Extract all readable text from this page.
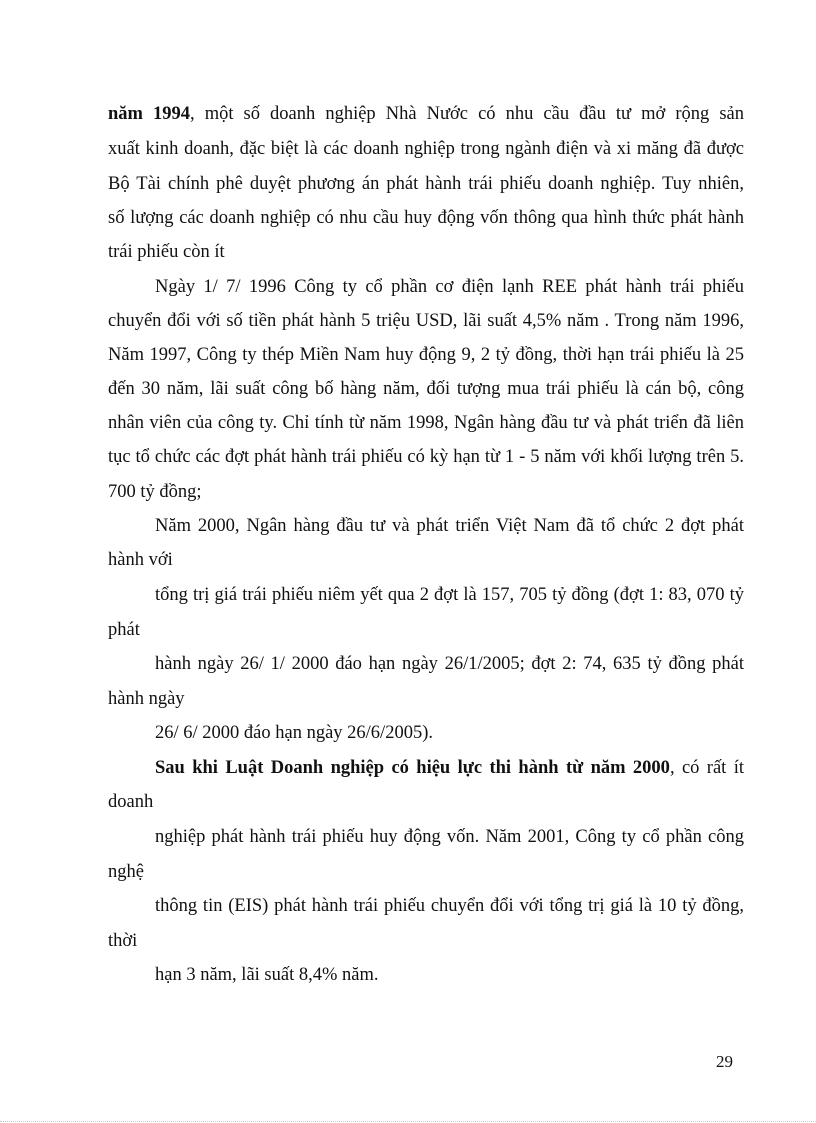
năm 1994, một số doanh nghiệp Nhà Nước có nhu cầu đầu tư mở rộng sản
xuất kinh doanh, đặc biệt là các doanh nghiệp trong ngành điện và xi măng đã được
Bộ Tài chính phê duyệt phương án phát hành trái phiếu doanh nghiệp. Tuy nhiên,
số lượng các doanh nghiệp có nhu cầu huy động vốn thông qua hình thức phát hành
trái phiếu còn ít
Ngày 1/ 7/ 1996 Công ty cổ phần cơ điện lạnh REE phát hành trái phiếu
chuyển đổi với số tiền phát hành 5 triệu USD, lãi suất 4,5% năm . Trong năm 1996,
Năm 1997, Công ty thép Miền Nam huy động 9, 2 tỷ đồng, thời hạn trái phiếu là 25
đến 30 năm, lãi suất công bố hàng năm, đối tượng mua trái phiếu là cán bộ, công
nhân viên của công ty. Chỉ tính từ năm 1998, Ngân hàng đầu tư và phát triển đã liên
tục tổ chức các đợt phát hành trái phiếu có kỳ hạn từ 1 - 5 năm với khối lượng trên 5.
700 tỷ đồng;
Năm 2000, Ngân hàng đầu tư và phát triển Việt Nam đã tổ chức 2 đợt phát
hành với
tổng trị giá trái phiếu niêm yết qua 2 đợt là 157, 705 tỷ đồng (đợt 1: 83, 070 tỷ
phát
hành ngày 26/ 1/ 2000 đáo hạn ngày 26/1/2005; đợt 2: 74, 635 tỷ đồng phát
hành ngày
26/ 6/ 2000 đáo hạn ngày 26/6/2005).
Sau khi Luật Doanh nghiệp có hiệu lực thi hành từ năm 2000, có rất ít
doanh
nghiệp phát hành trái phiếu huy động vốn. Năm 2001, Công ty cổ phần công
nghệ
thông tin (EIS) phát hành trái phiếu chuyển đổi với tổng trị giá là 10 tỷ đồng,
thời
hạn 3 năm, lãi suất 8,4% năm.
29
